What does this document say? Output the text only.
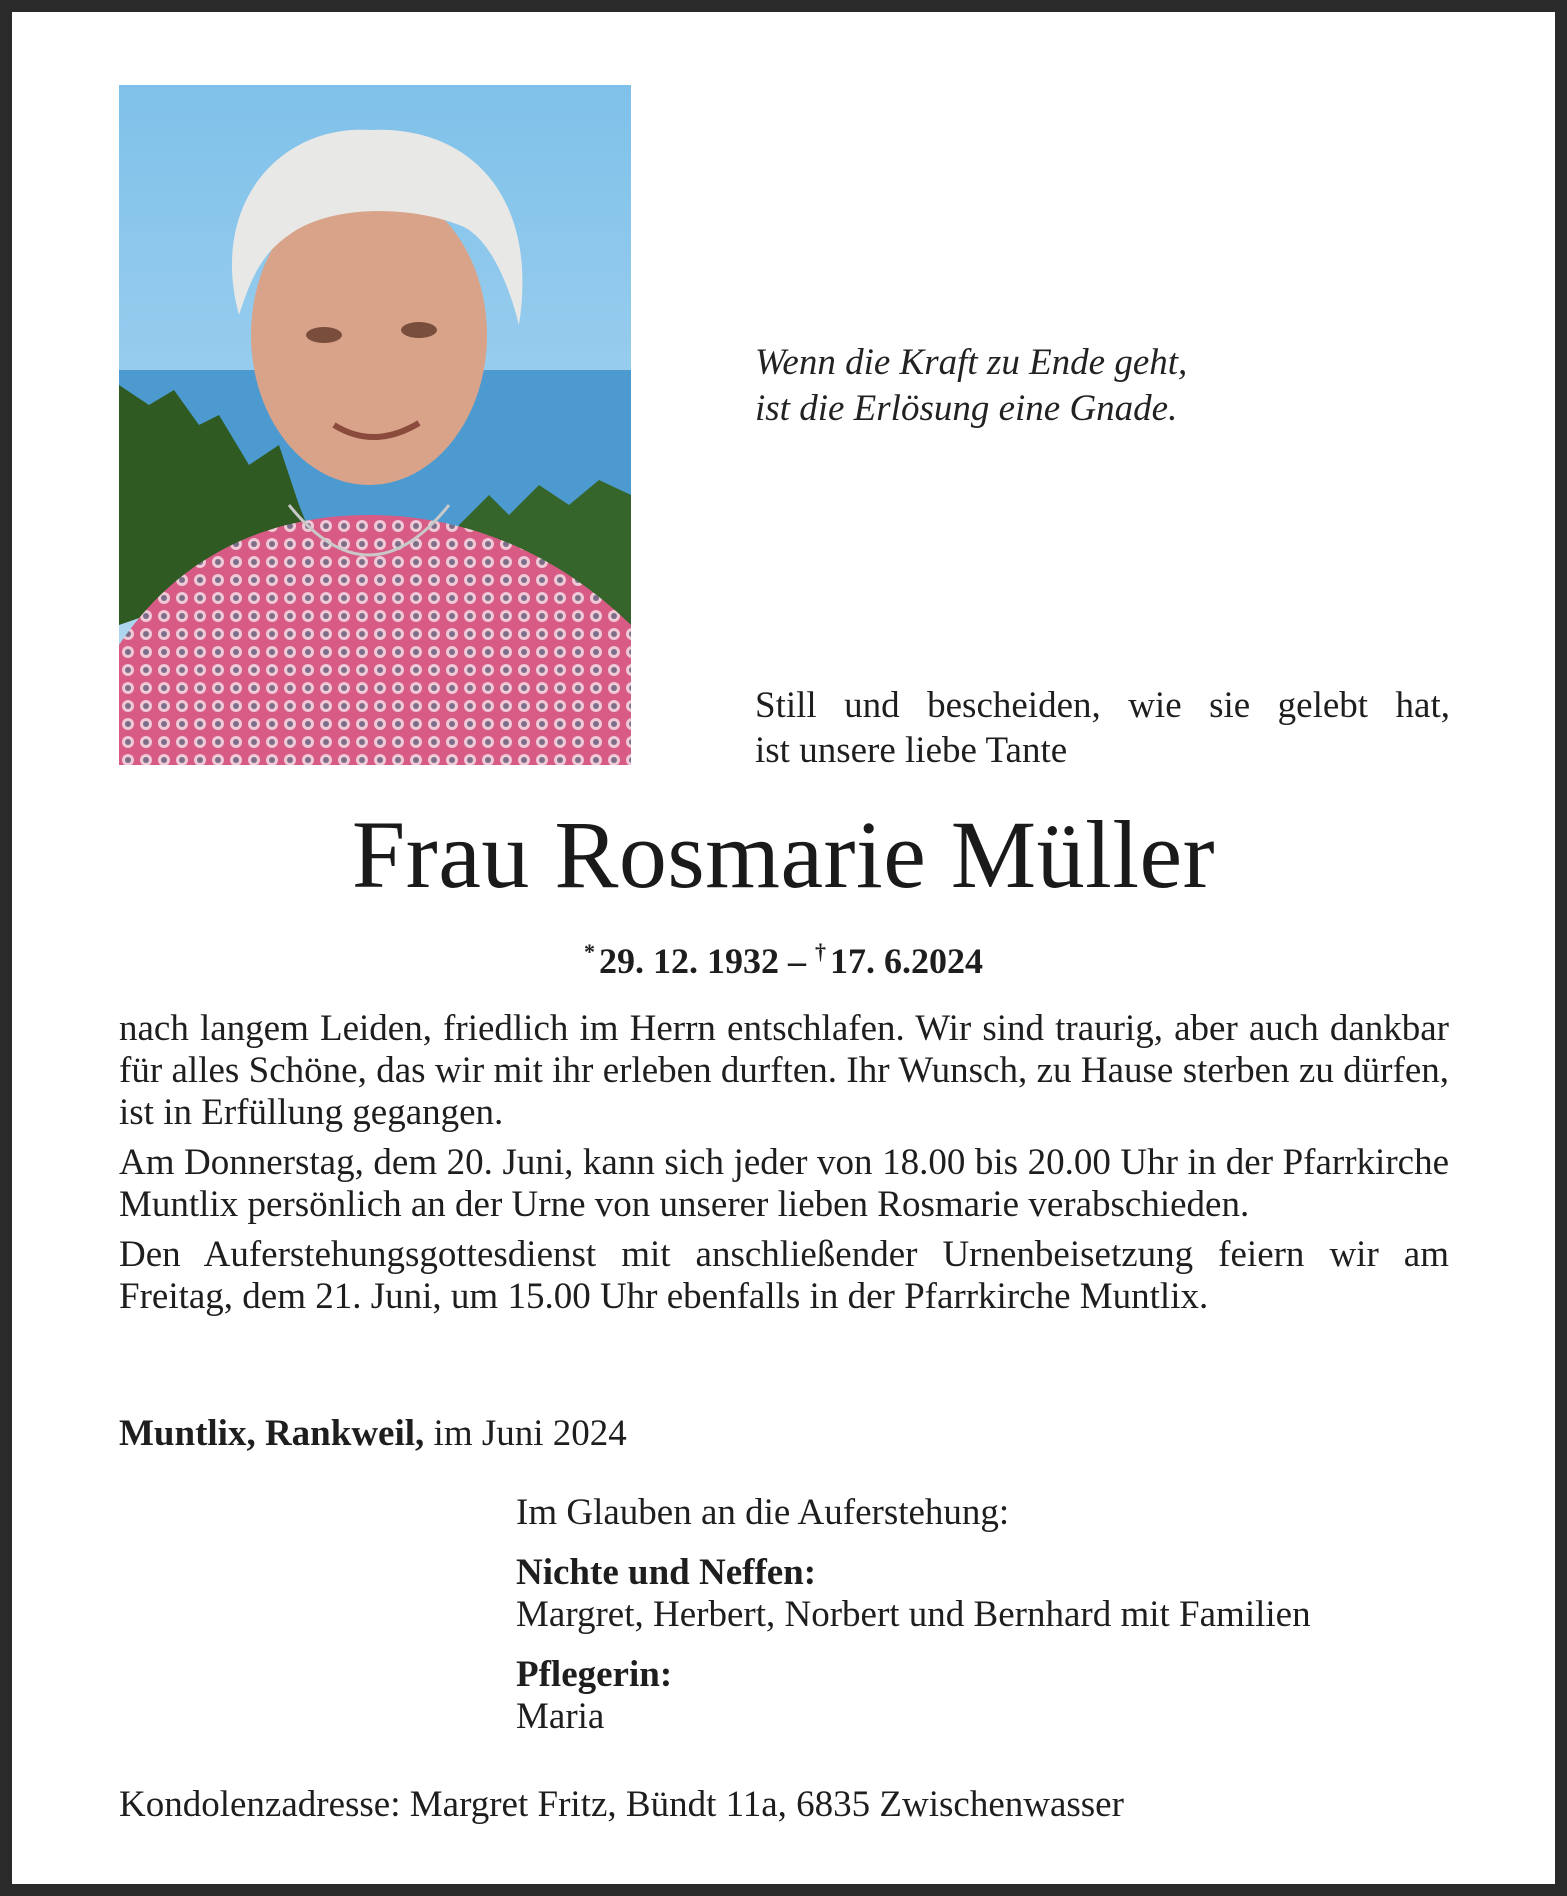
Wenn die Kraft zu Ende geht,
ist die Erlösung eine Gnade.
Still und bescheiden, wie sie gelebt hat,
ist unsere liebe Tante
Frau Rosmarie Müller
* 29. 12. 1932 – † 17. 6.2024

nach langem Leiden, friedlich im Herrn entschlafen. Wir sind traurig, aber auch dankbar für alles Schöne, das wir mit ihr erleben durften. Ihr Wunsch, zu Hause sterben zu dürfen, ist in Erfüllung gegangen.

Am Donnerstag, dem 20. Juni, kann sich jeder von 18.00 bis 20.00 Uhr in der Pfarrkirche Muntlix persönlich an der Urne von unserer lieben Rosmarie verabschieden.

Den Auferstehungsgottesdienst mit anschließender Urnenbeisetzung feiern wir am Freitag, dem 21. Juni, um 15.00 Uhr ebenfalls in der Pfarrkirche Muntlix.

Muntlix, Rankweil, im Juni 2024
Im Glauben an die Auferstehung:
Nichte und Neffen:
Margret, Herbert, Norbert und Bernhard mit Familien
Pflegerin:
Maria
Kondolenzadresse: Margret Fritz, Bündt 11a, 6835 Zwischenwasser
